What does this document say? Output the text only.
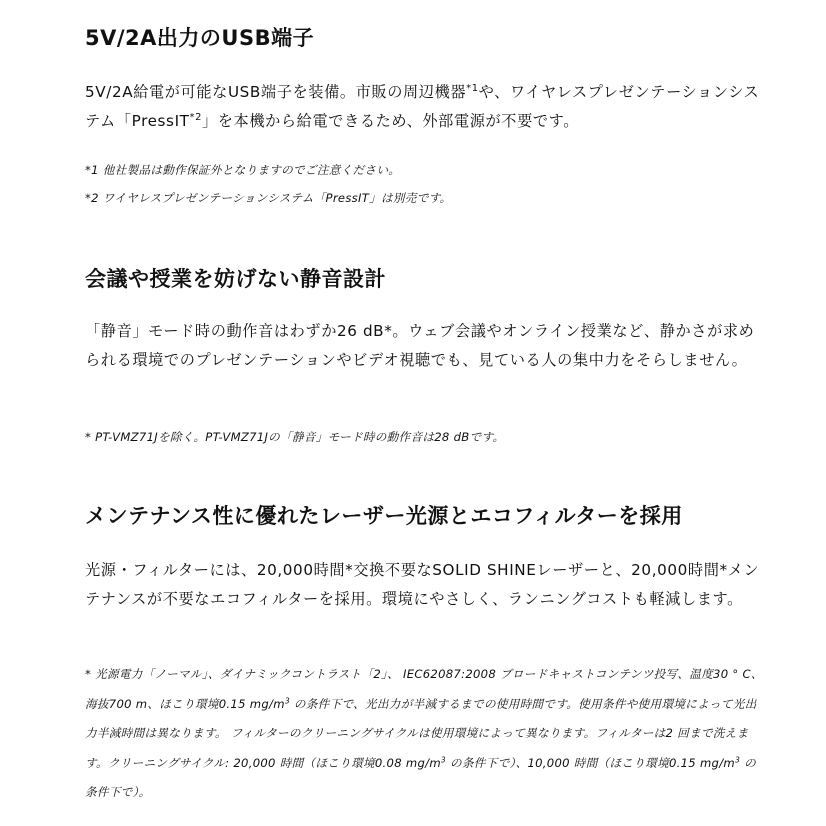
5V/2A出力のUSB端子

5V/2A給電が可能なUSB端子を装備。市販の周辺機器$^{*1}$や、ワイヤレスプレゼンテーションシステム「PressIT$^{*2}$」を本機から給電できるため、外部電源が不要です。

*1 他社製品は動作保証外となりますのでご注意ください。

*2 ワイヤレスプレゼンテーションシステム「PressIT」は別売です。

会議や授業を妨げない静音設計

「静音」モード時の動作音はわずか26 dB*。ウェブ会議やオンライン授業など、静かさが求められる環境でのプレゼンテーションやビデオ視聴でも、見ている人の集中力をそらしません。

* PT-VMZ71Jを除く。PT-VMZ71Jの「静音」モード時の動作音は28 dBです。

メンテナンス性に優れたレーザー光源とエコフィルターを採用

光源・フィルターには、20,000時間*交換不要なSOLID SHINEレーザーと、20,000時間*メンテナンスが不要なエコフィルターを採用。環境にやさしく、ランニングコストも軽減します。

* 光源電力「ノーマル」、ダイナミックコントラスト「2」、 IEC62087:2008 ブロードキャストコンテンツ投写、温度30 ° C、海抜700 m、ほこり環境0.15 $mg/m^3$ の条件下で、光出力が半減するまでの使用時間です。使用条件や使用環境によって光出力半減時間は異なります。 フィルターのクリーニングサイクルは使用環境によって異なります。フィルターは2 回まで洗えます。クリーニングサイクル: 20,000 時間（ほこり環境0.08 $mg/m^3$ の条件下で）、10,000 時間（ほこり環境0.15 $mg/m^3$ の条件下で）。
